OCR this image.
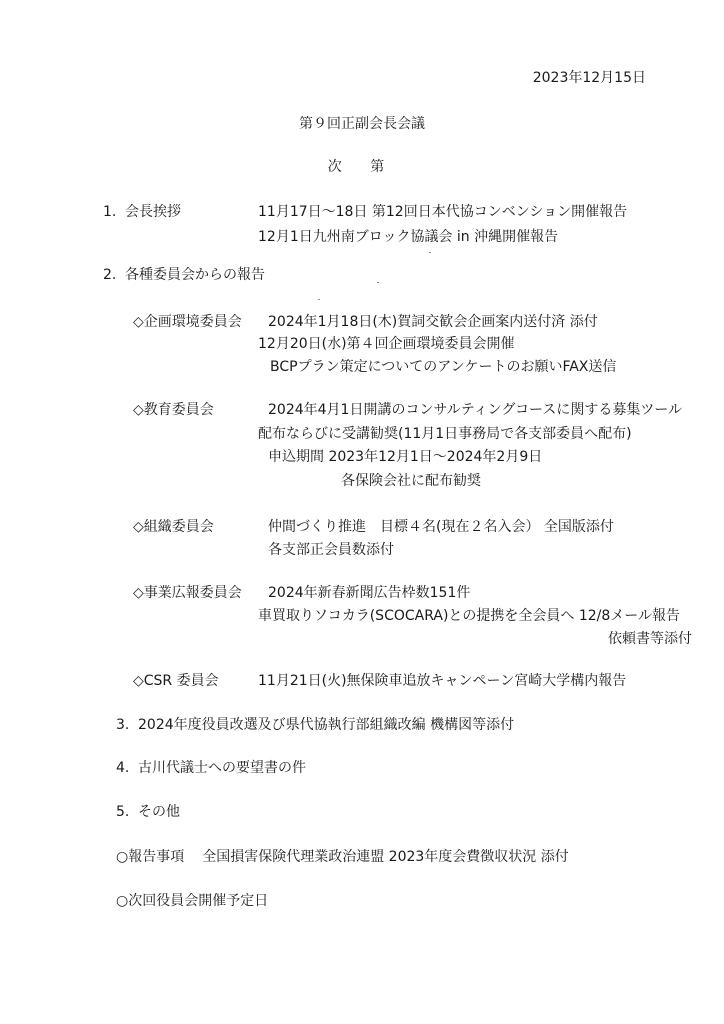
2023年12月15日
第９回正副会長会議
次 第
1. 会長挨拶	11月17日～18日 第12回日本代協コンベンション開催報告
12月1日九州南ブロック協議会 in 沖縄開催報告
2. 各種委員会からの報告
◇企画環境委員会 2024年1月18日(木)賀詞交歓会企画案内送付済 添付
12月20日(水)第４回企画環境委員会開催
BCPプラン策定についてのアンケートのお願いFAX送信
◇教育委員会	2024年4月1日開講のコンサルティングコースに関する募集ツール
配布ならびに受講勧奨(11月1日事務局で各支部委員へ配布)
申込期間 2023年12月1日～2024年2月9日
各保険会社に配布勧奨
◇組織委員会	仲間づくり推進　目標４名(現在２名入会） 全国版添付
各支部正会員数添付
◇事業広報委員会 2024年新春新聞広告枠数151件
車買取りソコカラ(SCOCARA)との提携を全会員へ 12/8メール報告
依頼書等添付
◇CSR 委員会	11月21日(火)無保険車追放キャンペーン宮崎大学構内報告
3. 2024年度役員改選及び県代協執行部組織改編 機構図等添付
4. 古川代議士への要望書の件
5. その他
○報告事項 全国損害保険代理業政治連盟 2023年度会費徴収状況 添付
○次回役員会開催予定日
